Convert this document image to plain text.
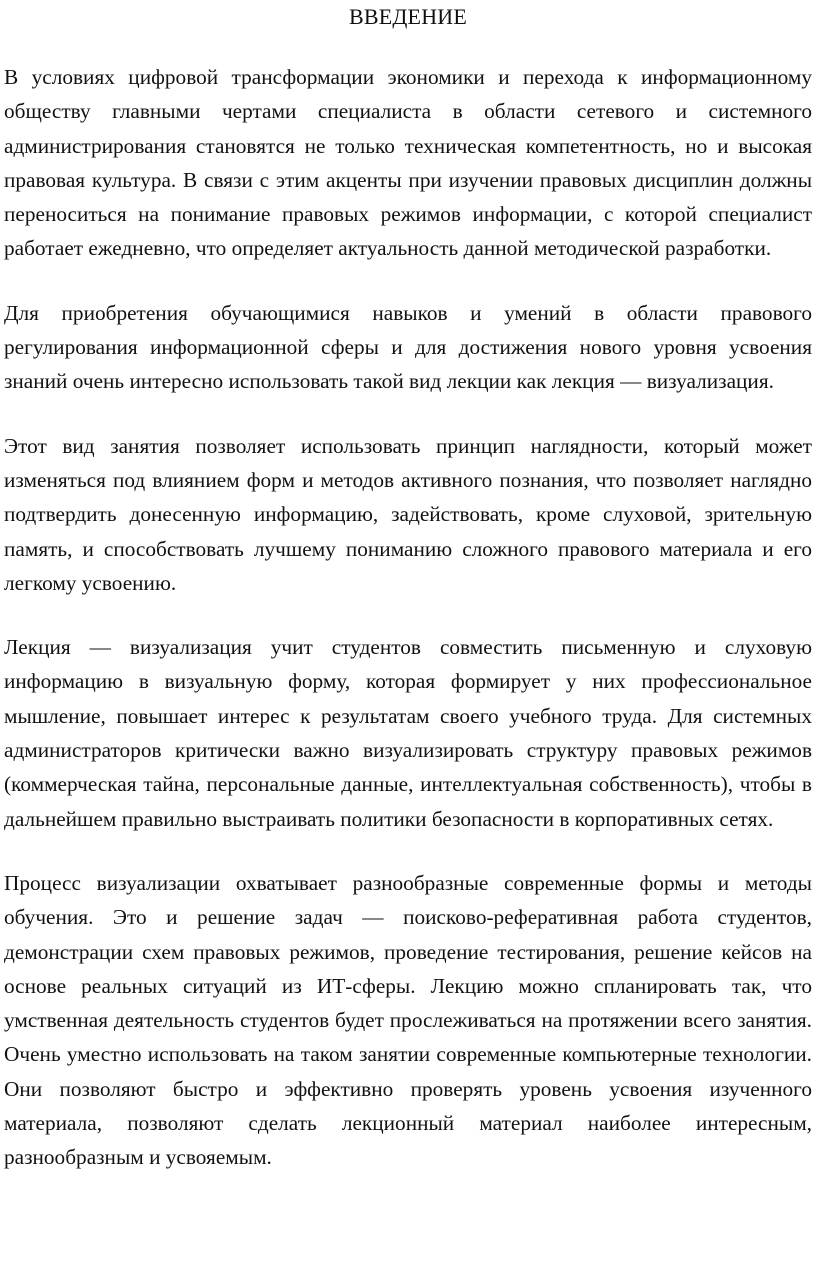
ВВЕДЕНИЕ

В условиях цифровой трансформации экономики и перехода к информационному обществу главными чертами специалиста в области сетевого и системного администрирования становятся не только техническая компетентность, но и высокая правовая культура. В связи с этим акценты при изучении правовых дисциплин должны переноситься на понимание правовых режимов информации, с которой специалист работает ежедневно, что определяет актуальность данной методической разработки.

Для приобретения обучающимися навыков и умений в области правового регулирования информационной сферы и для достижения нового уровня усвоения знаний очень интересно использовать такой вид лекции как лекция — визуализация.

Этот вид занятия позволяет использовать принцип наглядности, который может изменяться под влиянием форм и методов активного познания, что позволяет наглядно подтвердить донесенную информацию, задействовать, кроме слуховой, зрительную память, и способствовать лучшему пониманию сложного правового материала и его легкому усвоению.

Лекция — визуализация учит студентов совместить письменную и слуховую информацию в визуальную форму, которая формирует у них профессиональное мышление, повышает интерес к результатам своего учебного труда. Для системных администраторов критически важно визуализировать структуру правовых режимов (коммерческая тайна, персональные данные, интеллектуальная собственность), чтобы в дальнейшем правильно выстраивать политики безопасности в корпоративных сетях.

Процесс визуализации охватывает разнообразные современные формы и методы обучения. Это и решение задач — поисково-реферативная работа студентов, демонстрации схем правовых режимов, проведение тестирования, решение кейсов на основе реальных ситуаций из ИТ-сферы. Лекцию можно спланировать так, что умственная деятельность студентов будет прослеживаться на протяжении всего занятия. Очень уместно использовать на таком занятии современные компьютерные технологии. Они позволяют быстро и эффективно проверять уровень усвоения изученного материала, позволяют сделать лекционный материал наиболее интересным, разнообразным и усвояемым.
